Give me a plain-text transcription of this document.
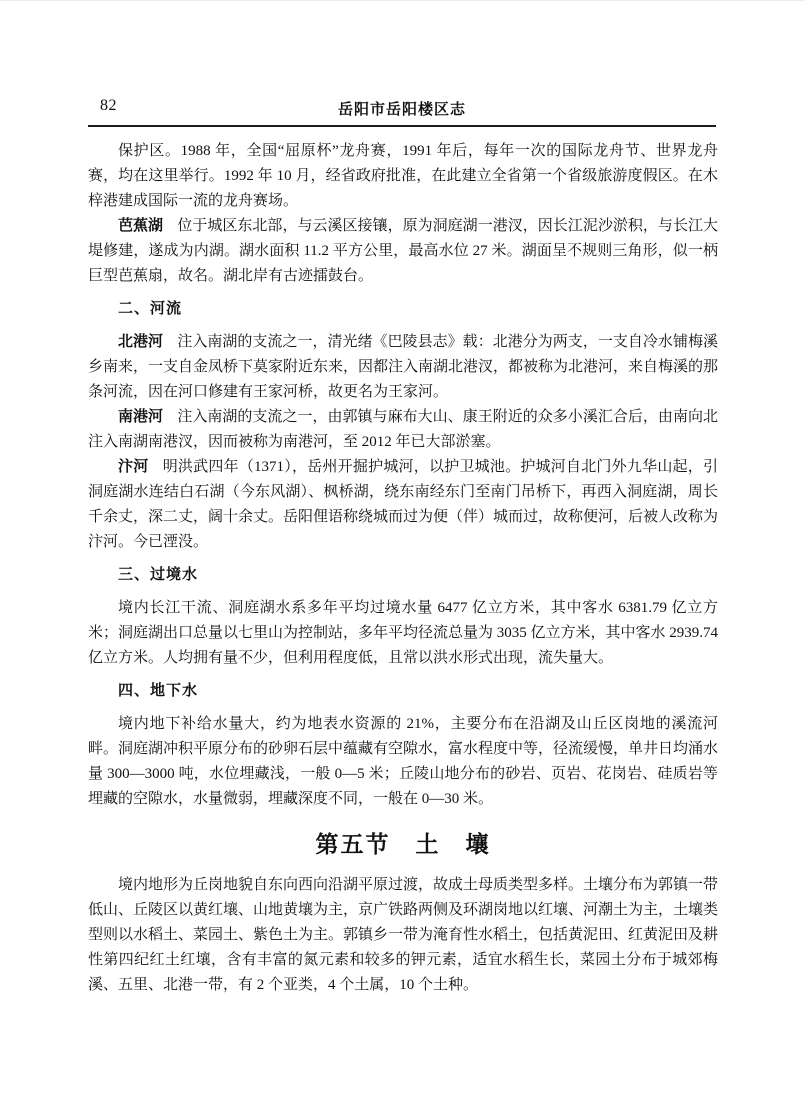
82	岳阳市岳阳楼区志

保护区。1988 年，全国“屈原杯”龙舟赛，1991 年后，每年一次的国际龙舟节、世界龙舟赛，均在这里举行。1992 年 10 月，经省政府批准，在此建立全省第一个省级旅游度假区。在木梓港建成国际一流的龙舟赛场。

芭蕉湖 位于城区东北部，与云溪区接镶，原为洞庭湖一港汊，因长江泥沙淤积，与长江大堤修建，遂成为内湖。湖水面积 11.2 平方公里，最高水位 27 米。湖面呈不规则三角形，似一柄巨型芭蕉扇，故名。湖北岸有古迹擂鼓台。

二、河流

北港河 注入南湖的支流之一，清光绪《巴陵县志》载：北港分为两支，一支自冷水铺梅溪乡南来，一支自金凤桥下莫家附近东来，因都注入南湖北港汊，都被称为北港河，来自梅溪的那条河流，因在河口修建有王家河桥，故更名为王家河。

南港河 注入南湖的支流之一，由郭镇与麻布大山、康王附近的众多小溪汇合后，由南向北注入南湖南港汊，因而被称为南港河，至 2012 年已大部淤塞。

汴河 明洪武四年（1371），岳州开掘护城河，以护卫城池。护城河自北门外九华山起，引洞庭湖水连结白石湖（今东风湖）、枫桥湖，绕东南经东门至南门吊桥下，再西入洞庭湖，周长千余丈，深二丈，阔十余丈。岳阳俚语称绕城而过为便（伴）城而过，故称便河，后被人改称为汴河。今已湮没。

三、过境水

境内长江干流、洞庭湖水系多年平均过境水量 6477 亿立方米，其中客水 6381.79 亿立方米；洞庭湖出口总量以七里山为控制站，多年平均径流总量为 3035 亿立方米，其中客水 2939.74 亿立方米。人均拥有量不少，但利用程度低，且常以洪水形式出现，流失量大。

四、地下水

境内地下补给水量大，约为地表水资源的 21%，主要分布在沿湖及山丘区岗地的溪流河畔。洞庭湖冲积平原分布的砂卵石层中蕴藏有空隙水，富水程度中等，径流缓慢，单井日均涌水量 300—3000 吨，水位埋藏浅，一般 0—5 米；丘陵山地分布的砂岩、页岩、花岗岩、硅质岩等埋藏的空隙水，水量微弱，埋藏深度不同，一般在 0—30 米。

第五节　土　壤

境内地形为丘岗地貌自东向西向沿湖平原过渡，故成土母质类型多样。土壤分布为郭镇一带低山、丘陵区以黄红壤、山地黄壤为主，京广铁路两侧及环湖岗地以红壤、河潮土为主，土壤类型则以水稻土、菜园土、紫色土为主。郭镇乡一带为淹育性水稻土，包括黄泥田、红黄泥田及耕性第四纪红土红壤，含有丰富的氮元素和较多的钾元素，适宜水稻生长，菜园土分布于城郊梅溪、五里、北港一带，有 2 个亚类，4 个土属，10 个土种。
